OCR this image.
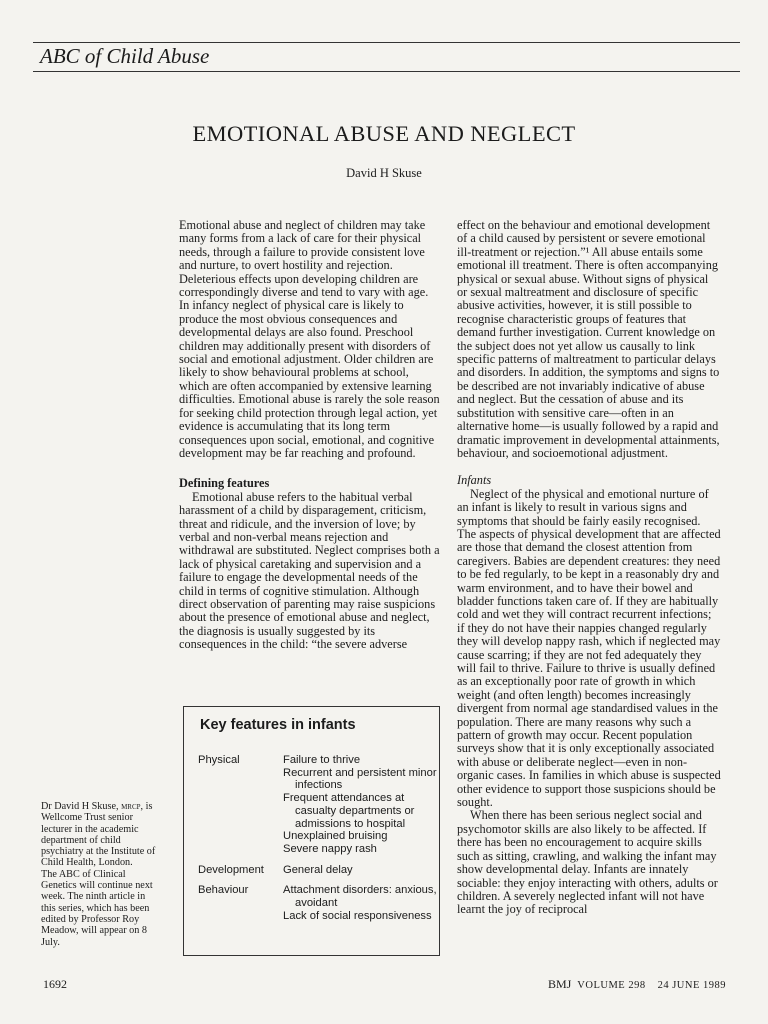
ABC of Child Abuse
EMOTIONAL ABUSE AND NEGLECT
David H Skuse

Emotional abuse and neglect of children may take many forms from a lack of care for their physical needs, through a failure to provide consistent love and nurture, to overt hostility and rejection. Deleterious effects upon developing children are correspondingly diverse and tend to vary with age. In infancy neglect of physical care is likely to produce the most obvious consequences and developmental delays are also found. Preschool children may additionally present with disorders of social and emotional adjustment. Older children are likely to show behavioural problems at school, which are often accompanied by extensive learning difficulties. Emotional abuse is rarely the sole reason for seeking child protection through legal action, yet evidence is accumulating that its long term consequences upon social, emotional, and cognitive development may be far reaching and profound.

Defining features

Emotional abuse refers to the habitual verbal harassment of a child by disparagement, criticism, threat and ridicule, and the inversion of love; by verbal and non-verbal means rejection and withdrawal are substituted. Neglect comprises both a lack of physical caretaking and supervision and a failure to engage the developmental needs of the child in terms of cognitive stimulation. Although direct observation of parenting may raise suspicions about the presence of emotional abuse and neglect, the diagnosis is usually suggested by its consequences in the child: “the severe adverse

effect on the behaviour and emotional development of a child caused by persistent or severe emotional ill-treatment or rejection.”¹ All abuse entails some emotional ill treatment. There is often accompanying physical or sexual abuse. Without signs of physical or sexual maltreatment and disclosure of specific abusive activities, however, it is still possible to recognise characteristic groups of features that demand further investigation. Current knowledge on the subject does not yet allow us causally to link specific patterns of maltreatment to particular delays and disorders. In addition, the symptoms and signs to be described are not invariably indicative of abuse and neglect. But the cessation of abuse and its substitution with sensitive care—often in an alternative home—is usually followed by a rapid and dramatic improvement in developmental attainments, behaviour, and socioemotional adjustment.

Infants

Neglect of the physical and emotional nurture of an infant is likely to result in various signs and symptoms that should be fairly easily recognised. The aspects of physical development that are affected are those that demand the closest attention from caregivers. Babies are dependent creatures: they need to be fed regularly, to be kept in a reasonably dry and warm environment, and to have their bowel and bladder functions taken care of. If they are habitually cold and wet they will contract recurrent infections; if they do not have their nappies changed regularly they will develop nappy rash, which if neglected may cause scarring; if they are not fed adequately they will fail to thrive. Failure to thrive is usually defined as an exceptionally poor rate of growth in which weight (and often length) becomes increasingly divergent from normal age standardised values in the population. There are many reasons why such a pattern of growth may occur. Recent population surveys show that it is only exceptionally associated with abuse or deliberate neglect—even in non-organic cases. In families in which abuse is suspected other evidence to support those suspicions should be sought.

When there has been serious neglect social and psychomotor skills are also likely to be affected. If there has been no encouragement to acquire skills such as sitting, crawling, and walking the infant may show developmental delay. Infants are innately sociable: they enjoy interacting with others, adults or children. A severely neglected infant will not have learnt the joy of reciprocal

Key features in infants
Physical	Failure to thrive
Recurrent and persistent minor infections
Frequent attendances at casualty departments or admissions to hospital
Unexplained bruising
Severe nappy rash

Development	General delay

Behaviour	Attachment disorders: anxious, avoidant
Lack of social responsiveness

Dr David H Skuse, mrcp, is Wellcome Trust senior lecturer in the academic department of child psychiatry at the Institute of Child Health, London.

The ABC of Clinical Genetics will continue next week. The ninth article in this series, which has been edited by Professor Roy Meadow, will appear on 8 July.

1692	BMJ VOLUME 298 24 JUNE 1989
